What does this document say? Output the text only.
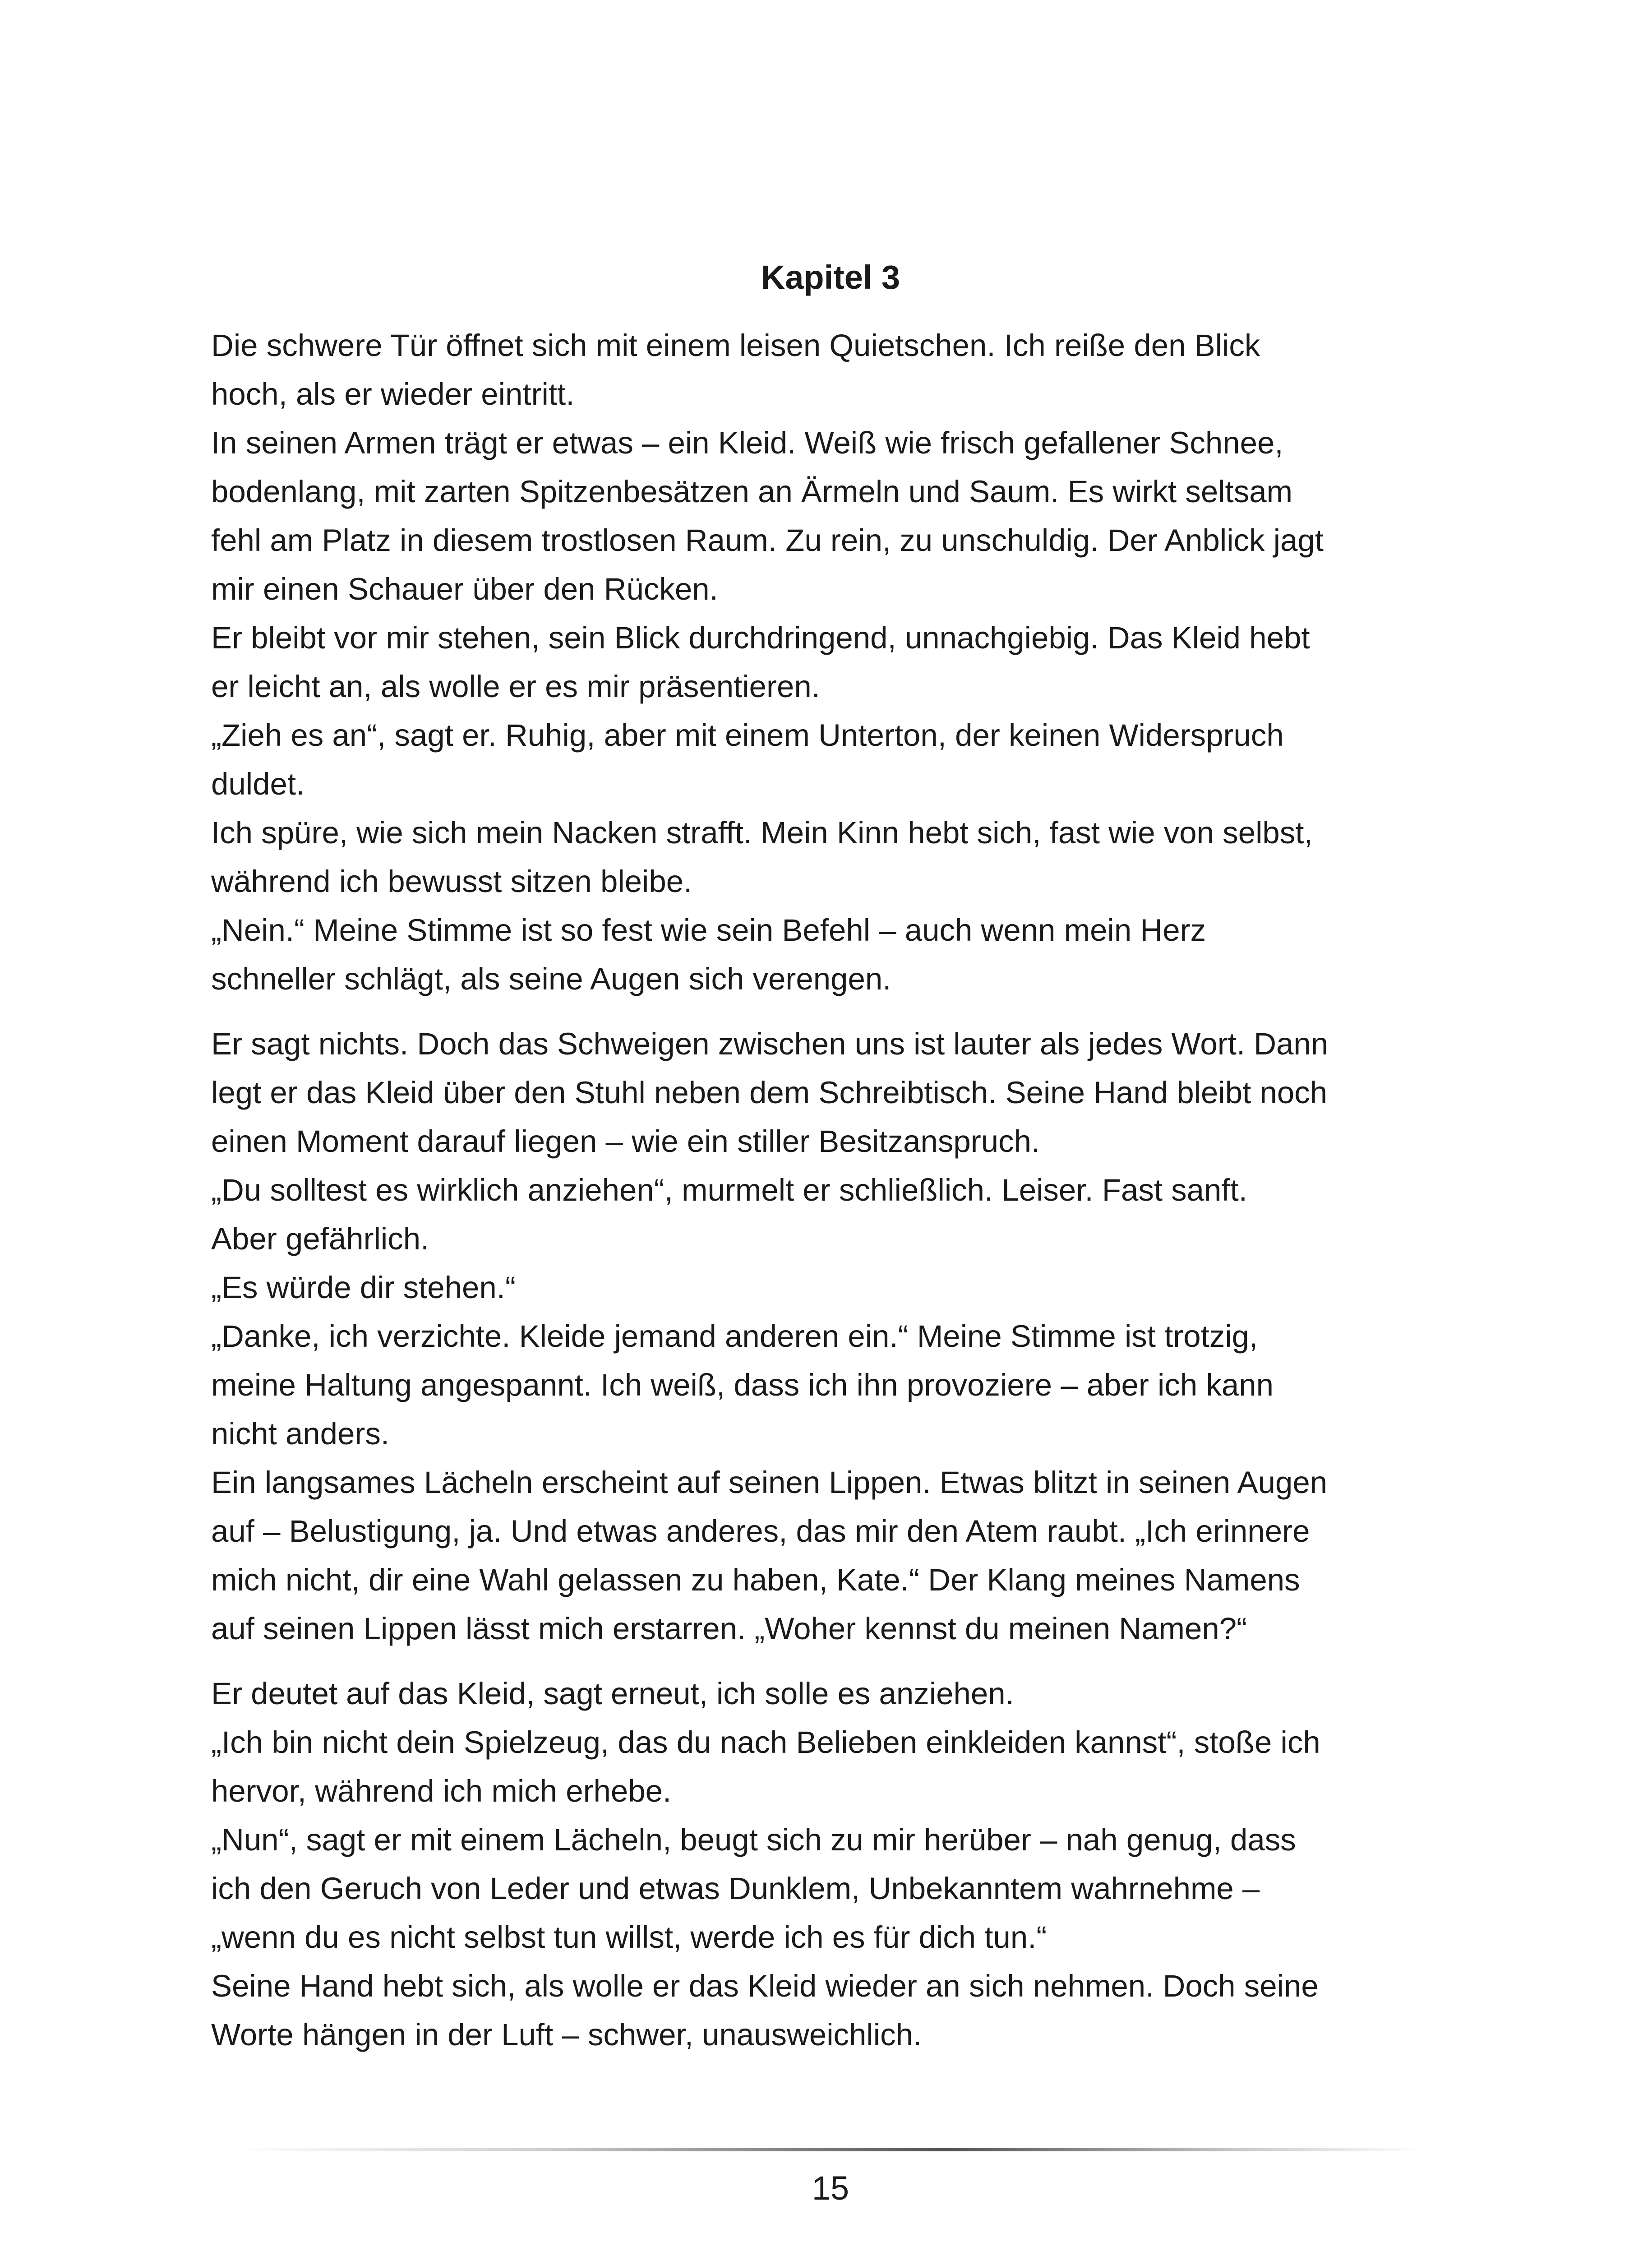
Kapitel 3
Die schwere Tür öffnet sich mit einem leisen Quietschen. Ich reiße den Blick
hoch, als er wieder eintritt.
In seinen Armen trägt er etwas – ein Kleid. Weiß wie frisch gefallener Schnee,
bodenlang, mit zarten Spitzenbesätzen an Ärmeln und Saum. Es wirkt seltsam
fehl am Platz in diesem trostlosen Raum. Zu rein, zu unschuldig. Der Anblick jagt
mir einen Schauer über den Rücken.
Er bleibt vor mir stehen, sein Blick durchdringend, unnachgiebig. Das Kleid hebt
er leicht an, als wolle er es mir präsentieren.
„Zieh es an“, sagt er. Ruhig, aber mit einem Unterton, der keinen Widerspruch
duldet.
Ich spüre, wie sich mein Nacken strafft. Mein Kinn hebt sich, fast wie von selbst,
während ich bewusst sitzen bleibe.
„Nein.“ Meine Stimme ist so fest wie sein Befehl – auch wenn mein Herz
schneller schlägt, als seine Augen sich verengen.
Er sagt nichts. Doch das Schweigen zwischen uns ist lauter als jedes Wort. Dann
legt er das Kleid über den Stuhl neben dem Schreibtisch. Seine Hand bleibt noch
einen Moment darauf liegen – wie ein stiller Besitzanspruch.
„Du solltest es wirklich anziehen“, murmelt er schließlich. Leiser. Fast sanft.
Aber gefährlich.
„Es würde dir stehen.“
„Danke, ich verzichte. Kleide jemand anderen ein.“ Meine Stimme ist trotzig,
meine Haltung angespannt. Ich weiß, dass ich ihn provoziere – aber ich kann
nicht anders.
Ein langsames Lächeln erscheint auf seinen Lippen. Etwas blitzt in seinen Augen
auf – Belustigung, ja. Und etwas anderes, das mir den Atem raubt. „Ich erinnere
mich nicht, dir eine Wahl gelassen zu haben, Kate.“ Der Klang meines Namens
auf seinen Lippen lässt mich erstarren. „Woher kennst du meinen Namen?“
Er deutet auf das Kleid, sagt erneut, ich solle es anziehen.
„Ich bin nicht dein Spielzeug, das du nach Belieben einkleiden kannst“, stoße ich
hervor, während ich mich erhebe.
„Nun“, sagt er mit einem Lächeln, beugt sich zu mir herüber – nah genug, dass
ich den Geruch von Leder und etwas Dunklem, Unbekanntem wahrnehme –
„wenn du es nicht selbst tun willst, werde ich es für dich tun.“
Seine Hand hebt sich, als wolle er das Kleid wieder an sich nehmen. Doch seine
Worte hängen in der Luft – schwer, unausweichlich.
15
